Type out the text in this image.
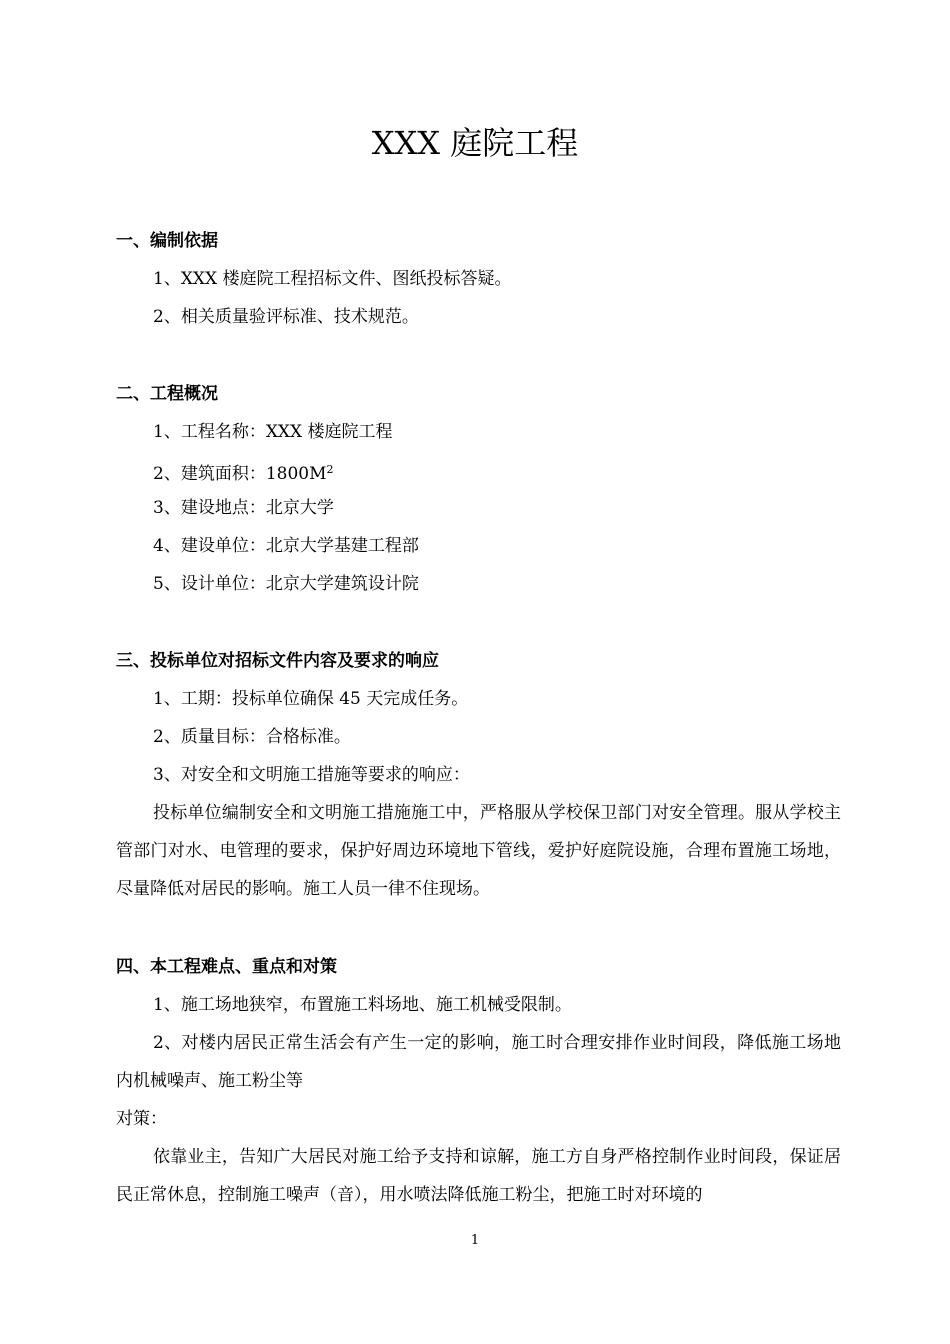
XXX 庭院工程
一、编制依据
1、XXX 楼庭院工程招标文件、图纸投标答疑。
2、相关质量验评标准、技术规范。
二、工程概况
1、工程名称：XXX 楼庭院工程
2、建筑面积：$1800M^2$
3、建设地点：北京大学
4、建设单位：北京大学基建工程部
5、设计单位：北京大学建筑设计院
三、投标单位对招标文件内容及要求的响应
1、工期：投标单位确保 45 天完成任务。
2、质量目标：合格标准。
3、对安全和文明施工措施等要求的响应：
投标单位编制安全和文明施工措施施工中，严格服从学校保卫部门对安全管理。服从学校主管部门对水、电管理的要求，保护好周边环境地下管线，爱护好庭院设施，合理布置施工场地，尽量降低对居民的影响。施工人员一律不住现场。
四、本工程难点、重点和对策
1、施工场地狭窄，布置施工料场地、施工机械受限制。
2、对楼内居民正常生活会有产生一定的影响，施工时合理安排作业时间段，降低施工场地内机械噪声、施工粉尘等
对策：
依靠业主，告知广大居民对施工给予支持和谅解，施工方自身严格控制作业时间段，保证居民正常休息，控制施工噪声（音），用水喷法降低施工粉尘，把施工时对环境的
1
